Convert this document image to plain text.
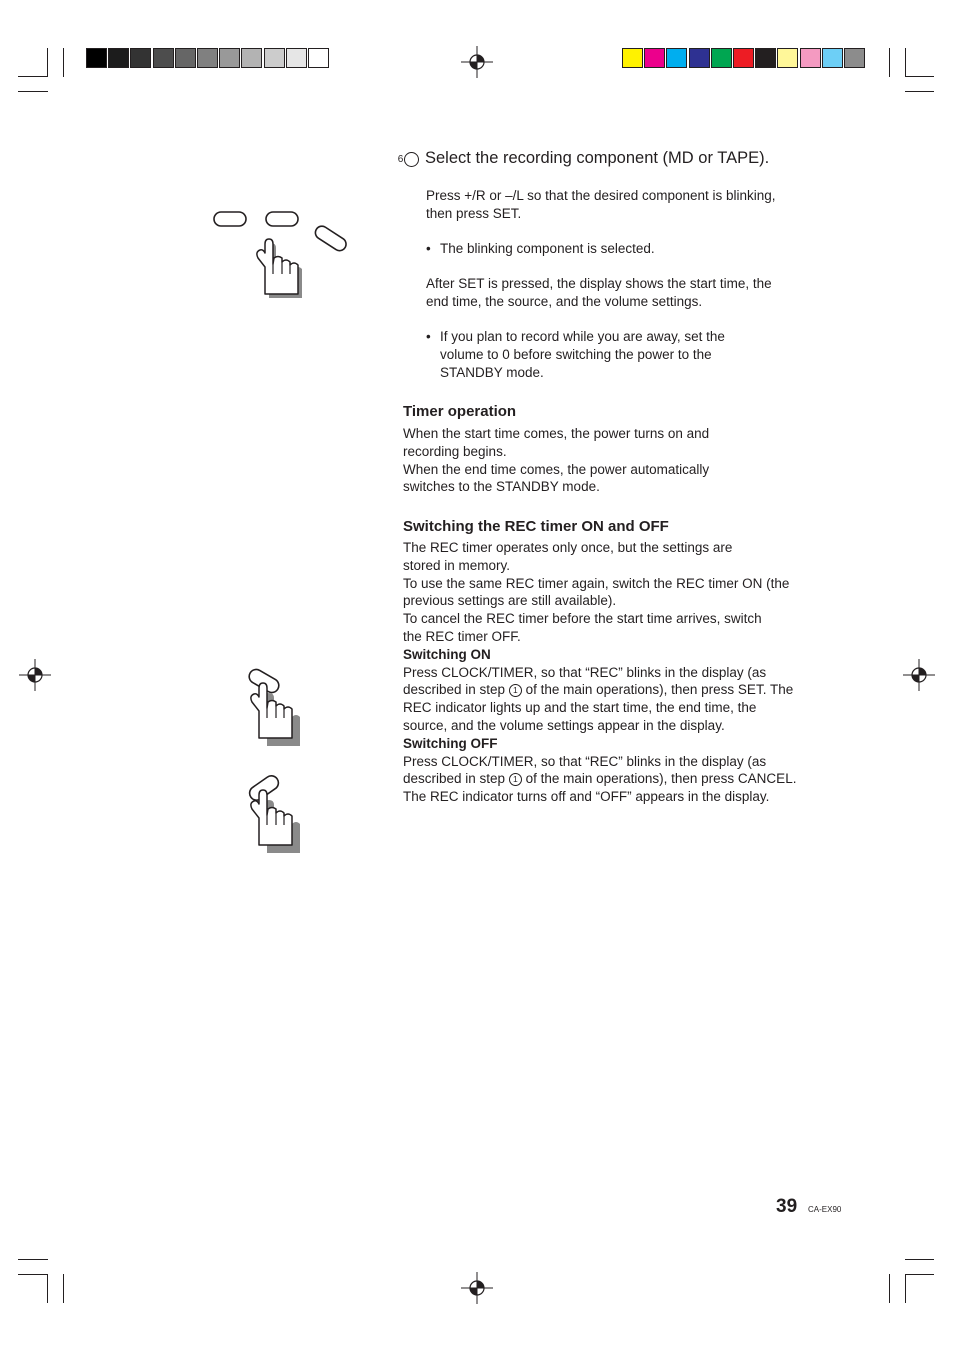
6 Select the recording component (MD or TAPE).
Press +/R or –/L so that the desired component is blinking, then press SET.
• The blinking component is selected.
After SET is pressed, the display shows the start time, the end time, the source, and the volume settings.
• If you plan to record while you are away, set the volume to 0 before switching the power to the STANDBY mode.
Timer operation
When the start time comes, the power turns on and recording begins.
When the end time comes, the power automatically switches to the STANDBY mode.
Switching the REC timer ON and OFF
The REC timer operates only once, but the settings are stored in memory.
To use the same REC timer again, switch the REC timer ON (the previous settings are still available).
To cancel the REC timer before the start time arrives, switch the REC timer OFF.
Switching ON
Press CLOCK/TIMER, so that “REC” blinks in the display (as described in step 1 of the main operations), then press SET. The REC indicator lights up and the start time, the end time, the source, and the volume settings appear in the display.
Switching OFF
Press CLOCK/TIMER, so that “REC” blinks in the display (as described in step 1 of the main operations), then press CANCEL. The REC indicator turns off and “OFF” appears in the display.
39 CA-EX90
